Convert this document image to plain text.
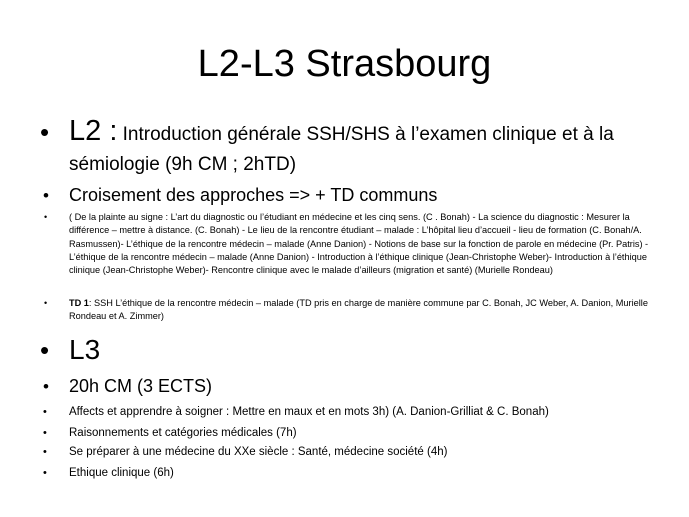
L2-L3 Strasbourg
• L2 : Introduction générale SSH/SHS à l’examen clinique et à la sémiologie (9h CM ; 2hTD)
• Croisement des approches => + TD communs
• ( De la plainte au signe : L’art du diagnostic ou l’étudiant en médecine et les cinq sens. (C . Bonah) - La science du diagnostic : Mesurer la différence – mettre à distance. (C. Bonah) - Le lieu de la rencontre étudiant – malade : L’hôpital lieu d’accueil - lieu de formation (C. Bonah/A. Rasmussen)- L’éthique de la rencontre médecin – malade (Anne Danion) - Notions de base sur la fonction de parole en médecine (Pr. Patris) - L’éthique de la rencontre médecin – malade (Anne Danion) - Introduction à l’éthique clinique (Jean-Christophe Weber)- Introduction à l’éthique clinique (Jean-Christophe Weber)- Rencontre clinique avec le malade d’ailleurs (migration et santé) (Murielle Rondeau)
• TD 1: SSH L’éthique de la rencontre médecin – malade (TD pris en charge de manière commune par C. Bonah, JC Weber, A. Danion, Murielle Rondeau et A. Zimmer)
• L3
• 20h CM (3 ECTS)
• Affects et apprendre à soigner : Mettre en maux et en mots 3h) (A. Danion-Grilliat & C. Bonah)
• Raisonnements et catégories médicales (7h)
• Se préparer à une médecine du XXe siècle : Santé, médecine société (4h)
• Ethique clinique (6h)
